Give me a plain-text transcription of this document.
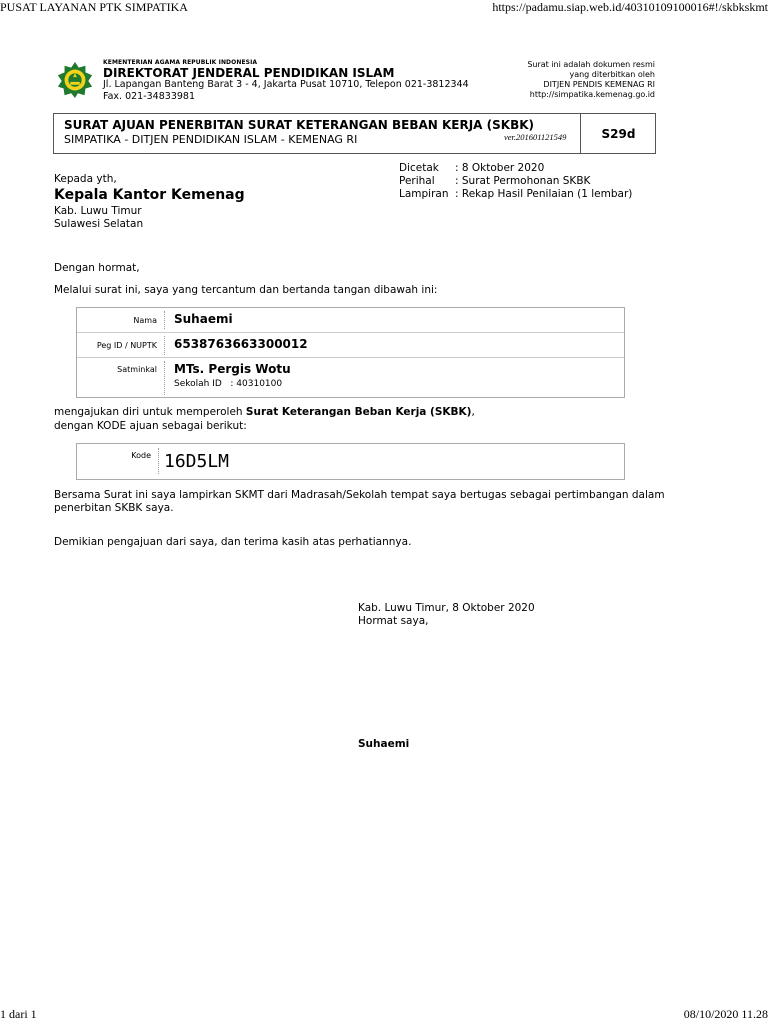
PUSAT LAYANAN PTK SIMPATIKA	https://padamu.siap.web.id/40310109100016#!/skbkskmt
KEMENTERIAN AGAMA REPUBLIK INDONESIA
DIREKTORAT JENDERAL PENDIDIKAN ISLAM
Jl. Lapangan Banteng Barat 3 - 4, Jakarta Pusat 10710, Telepon 021-3812344
Fax. 021-34833981
Surat ini adalah dokumen resmi
yang diterbitkan oleh
DITJEN PENDIS KEMENAG RI
http://simpatika.kemenag.go.id
SURAT AJUAN PENERBITAN SURAT KETERANGAN BEBAN KERJA (SKBK)
SIMPATIKA - DITJEN PENDIDIKAN ISLAM - KEMENAG RI	ver.201601121549	S29d
Dicetak : 8 Oktober 2020
Perihal : Surat Permohonan SKBK
Lampiran : Rekap Hasil Penilaian (1 lembar)
Kepada yth,
Kepala Kantor Kemenag
Kab. Luwu Timur
Sulawesi Selatan
Dengan hormat,
Melalui surat ini, saya yang tercantum dan bertanda tangan dibawah ini:
Nama Suhaemi
Peg ID / NUPTK 6538763663300012
Satminkal MTs. Pergis Wotu
Sekolah ID   : 40310100
mengajukan diri untuk memperoleh Surat Keterangan Beban Kerja (SKBK),
dengan KODE ajuan sebagai berikut:
Kode 16D5LM
Bersama Surat ini saya lampirkan SKMT dari Madrasah/Sekolah tempat saya bertugas sebagai pertimbangan dalam
penerbitan SKBK saya.
Demikian pengajuan dari saya, dan terima kasih atas perhatiannya.
Kab. Luwu Timur, 8 Oktober 2020
Hormat saya,
Suhaemi
1 dari 1	08/10/2020 11.28
